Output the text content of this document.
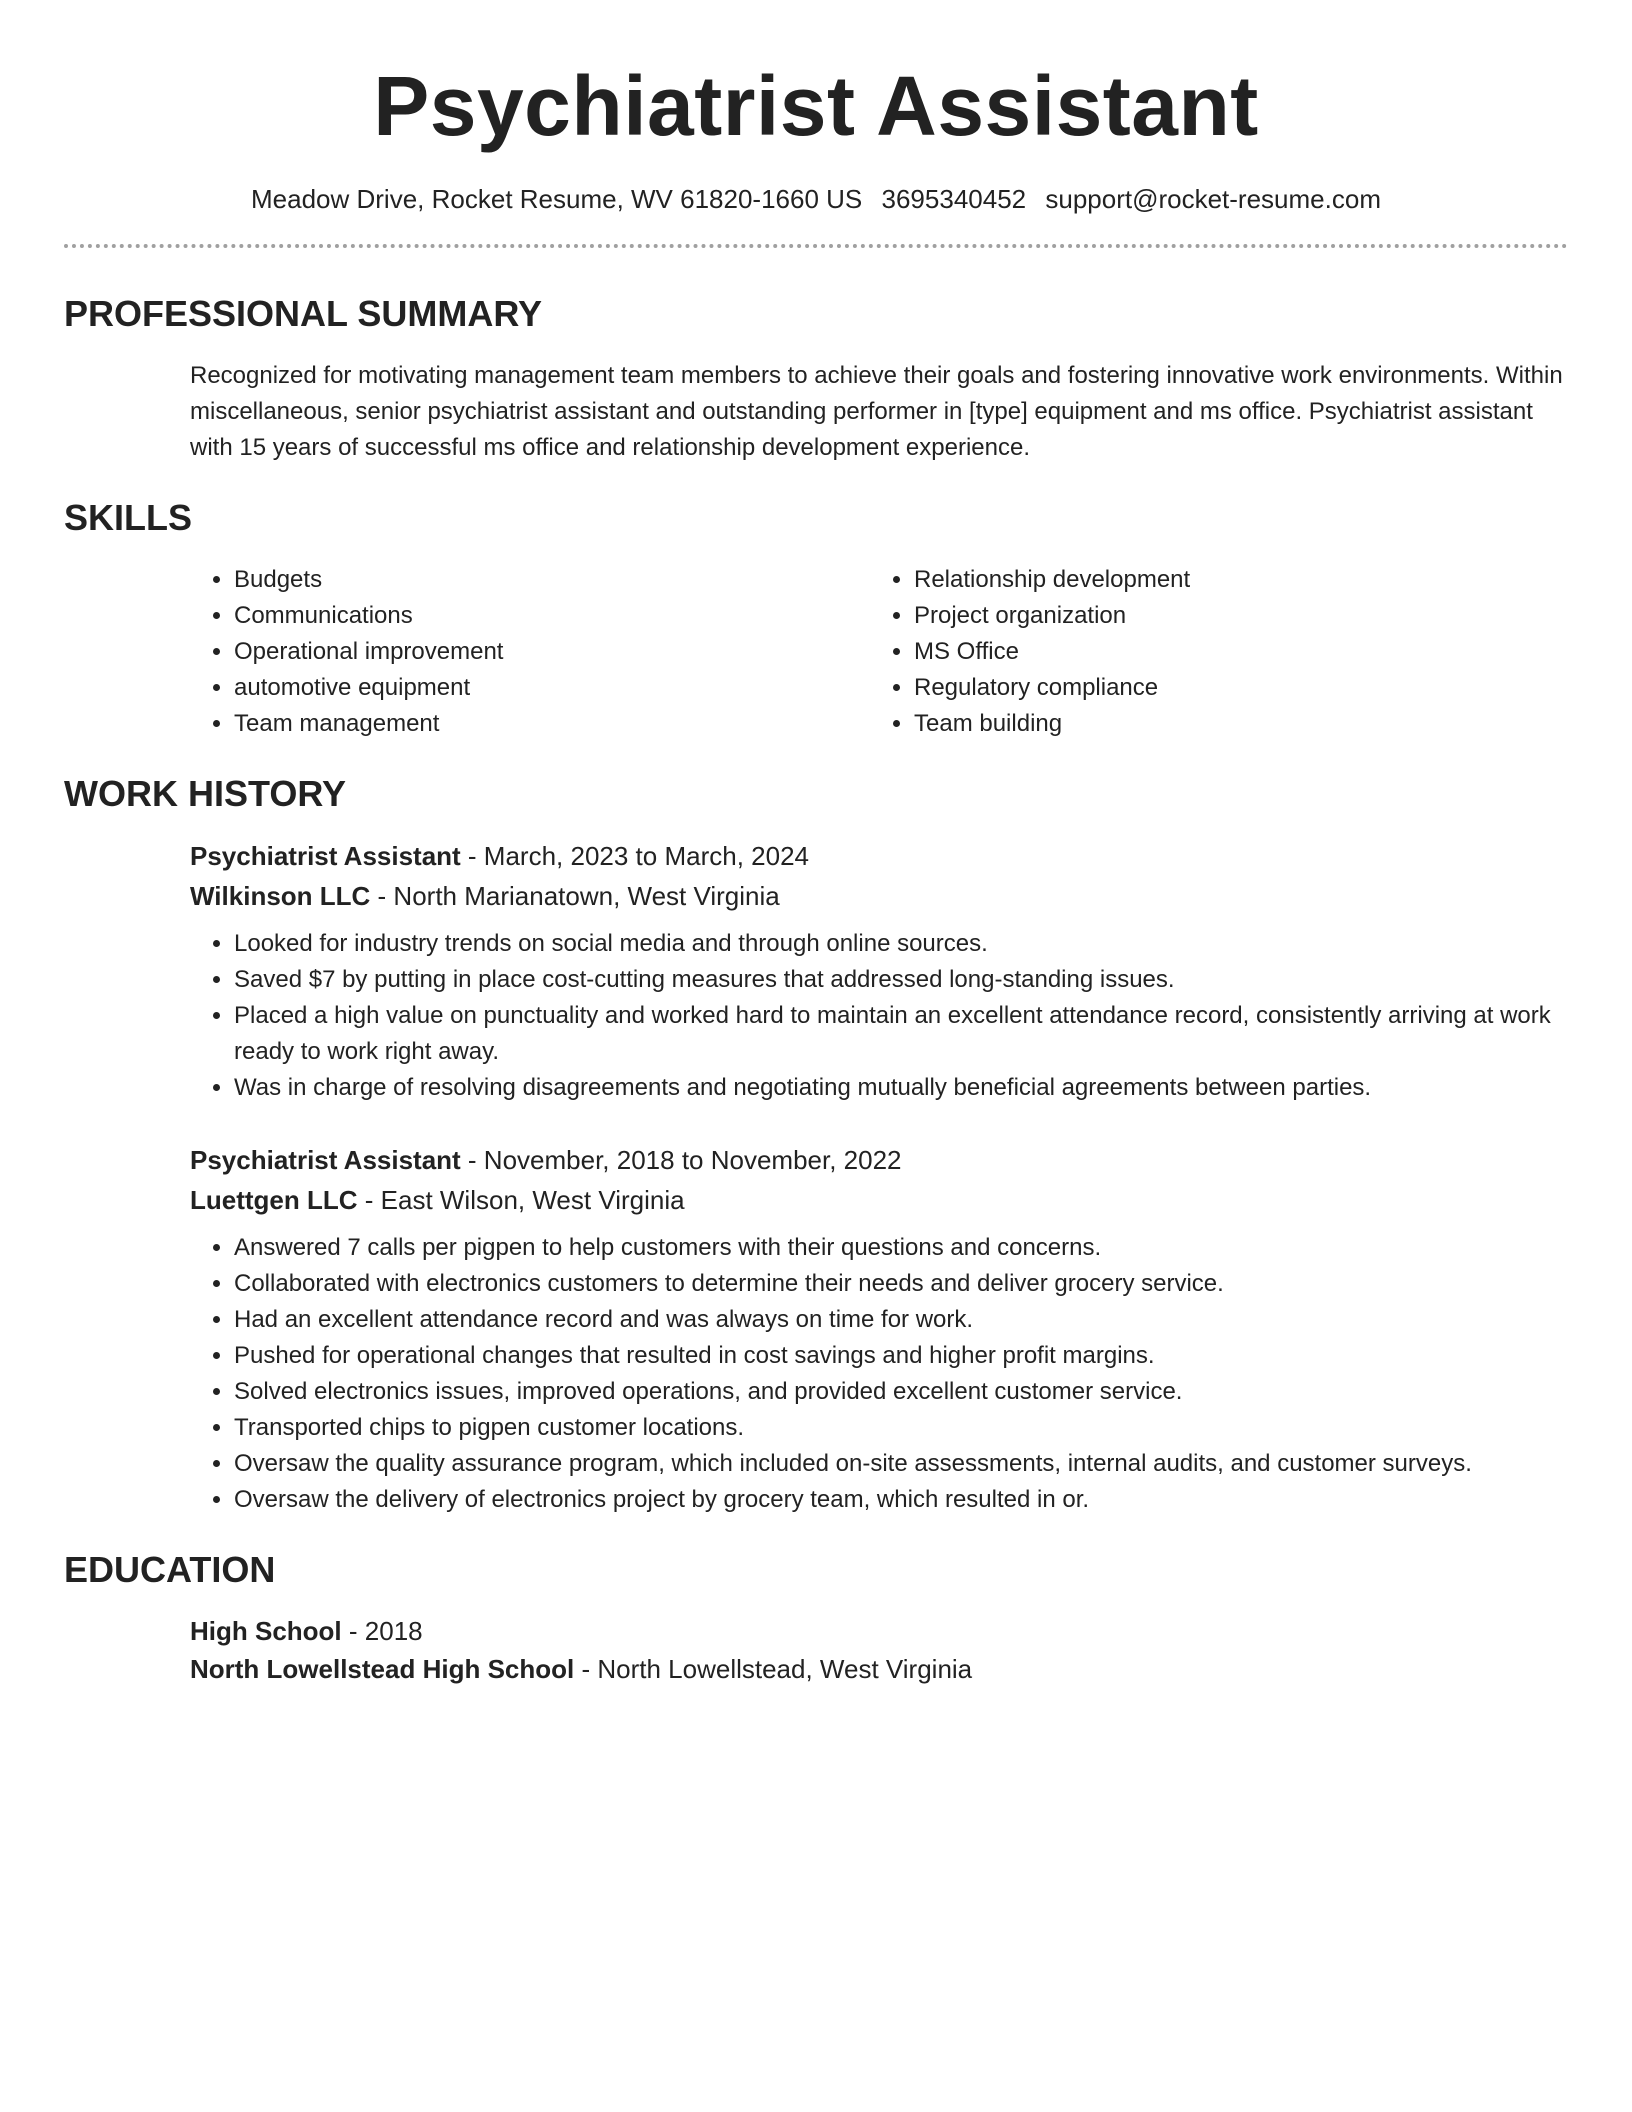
Psychiatrist Assistant
Meadow Drive, Rocket Resume, WV 61820-1660 US 3695340452 support@rocket-resume.com
PROFESSIONAL SUMMARY

Recognized for motivating management team members to achieve their goals and fostering innovative work environments. Within miscellaneous, senior psychiatrist assistant and outstanding performer in [type] equipment and ms office. Psychiatrist assistant with 15 years of successful ms office and relationship development experience.

SKILLS
• Budgets
• Communications
• Operational improvement
• automotive equipment
• Team management
• Relationship development
• Project organization
• MS Office
• Regulatory compliance
• Team building
WORK HISTORY
Psychiatrist Assistant - March, 2023 to March, 2024
Wilkinson LLC - North Marianatown, West Virginia
• Looked for industry trends on social media and through online sources.
• Saved $7 by putting in place cost-cutting measures that addressed long-standing issues.
• Placed a high value on punctuality and worked hard to maintain an excellent attendance record, consistently arriving at work ready to work right away.
• Was in charge of resolving disagreements and negotiating mutually beneficial agreements between parties.
Psychiatrist Assistant - November, 2018 to November, 2022
Luettgen LLC - East Wilson, West Virginia
• Answered 7 calls per pigpen to help customers with their questions and concerns.
• Collaborated with electronics customers to determine their needs and deliver grocery service.
• Had an excellent attendance record and was always on time for work.
• Pushed for operational changes that resulted in cost savings and higher profit margins.
• Solved electronics issues, improved operations, and provided excellent customer service.
• Transported chips to pigpen customer locations.
• Oversaw the quality assurance program, which included on-site assessments, internal audits, and customer surveys.
• Oversaw the delivery of electronics project by grocery team, which resulted in or.
EDUCATION
High School - 2018
North Lowellstead High School - North Lowellstead, West Virginia
